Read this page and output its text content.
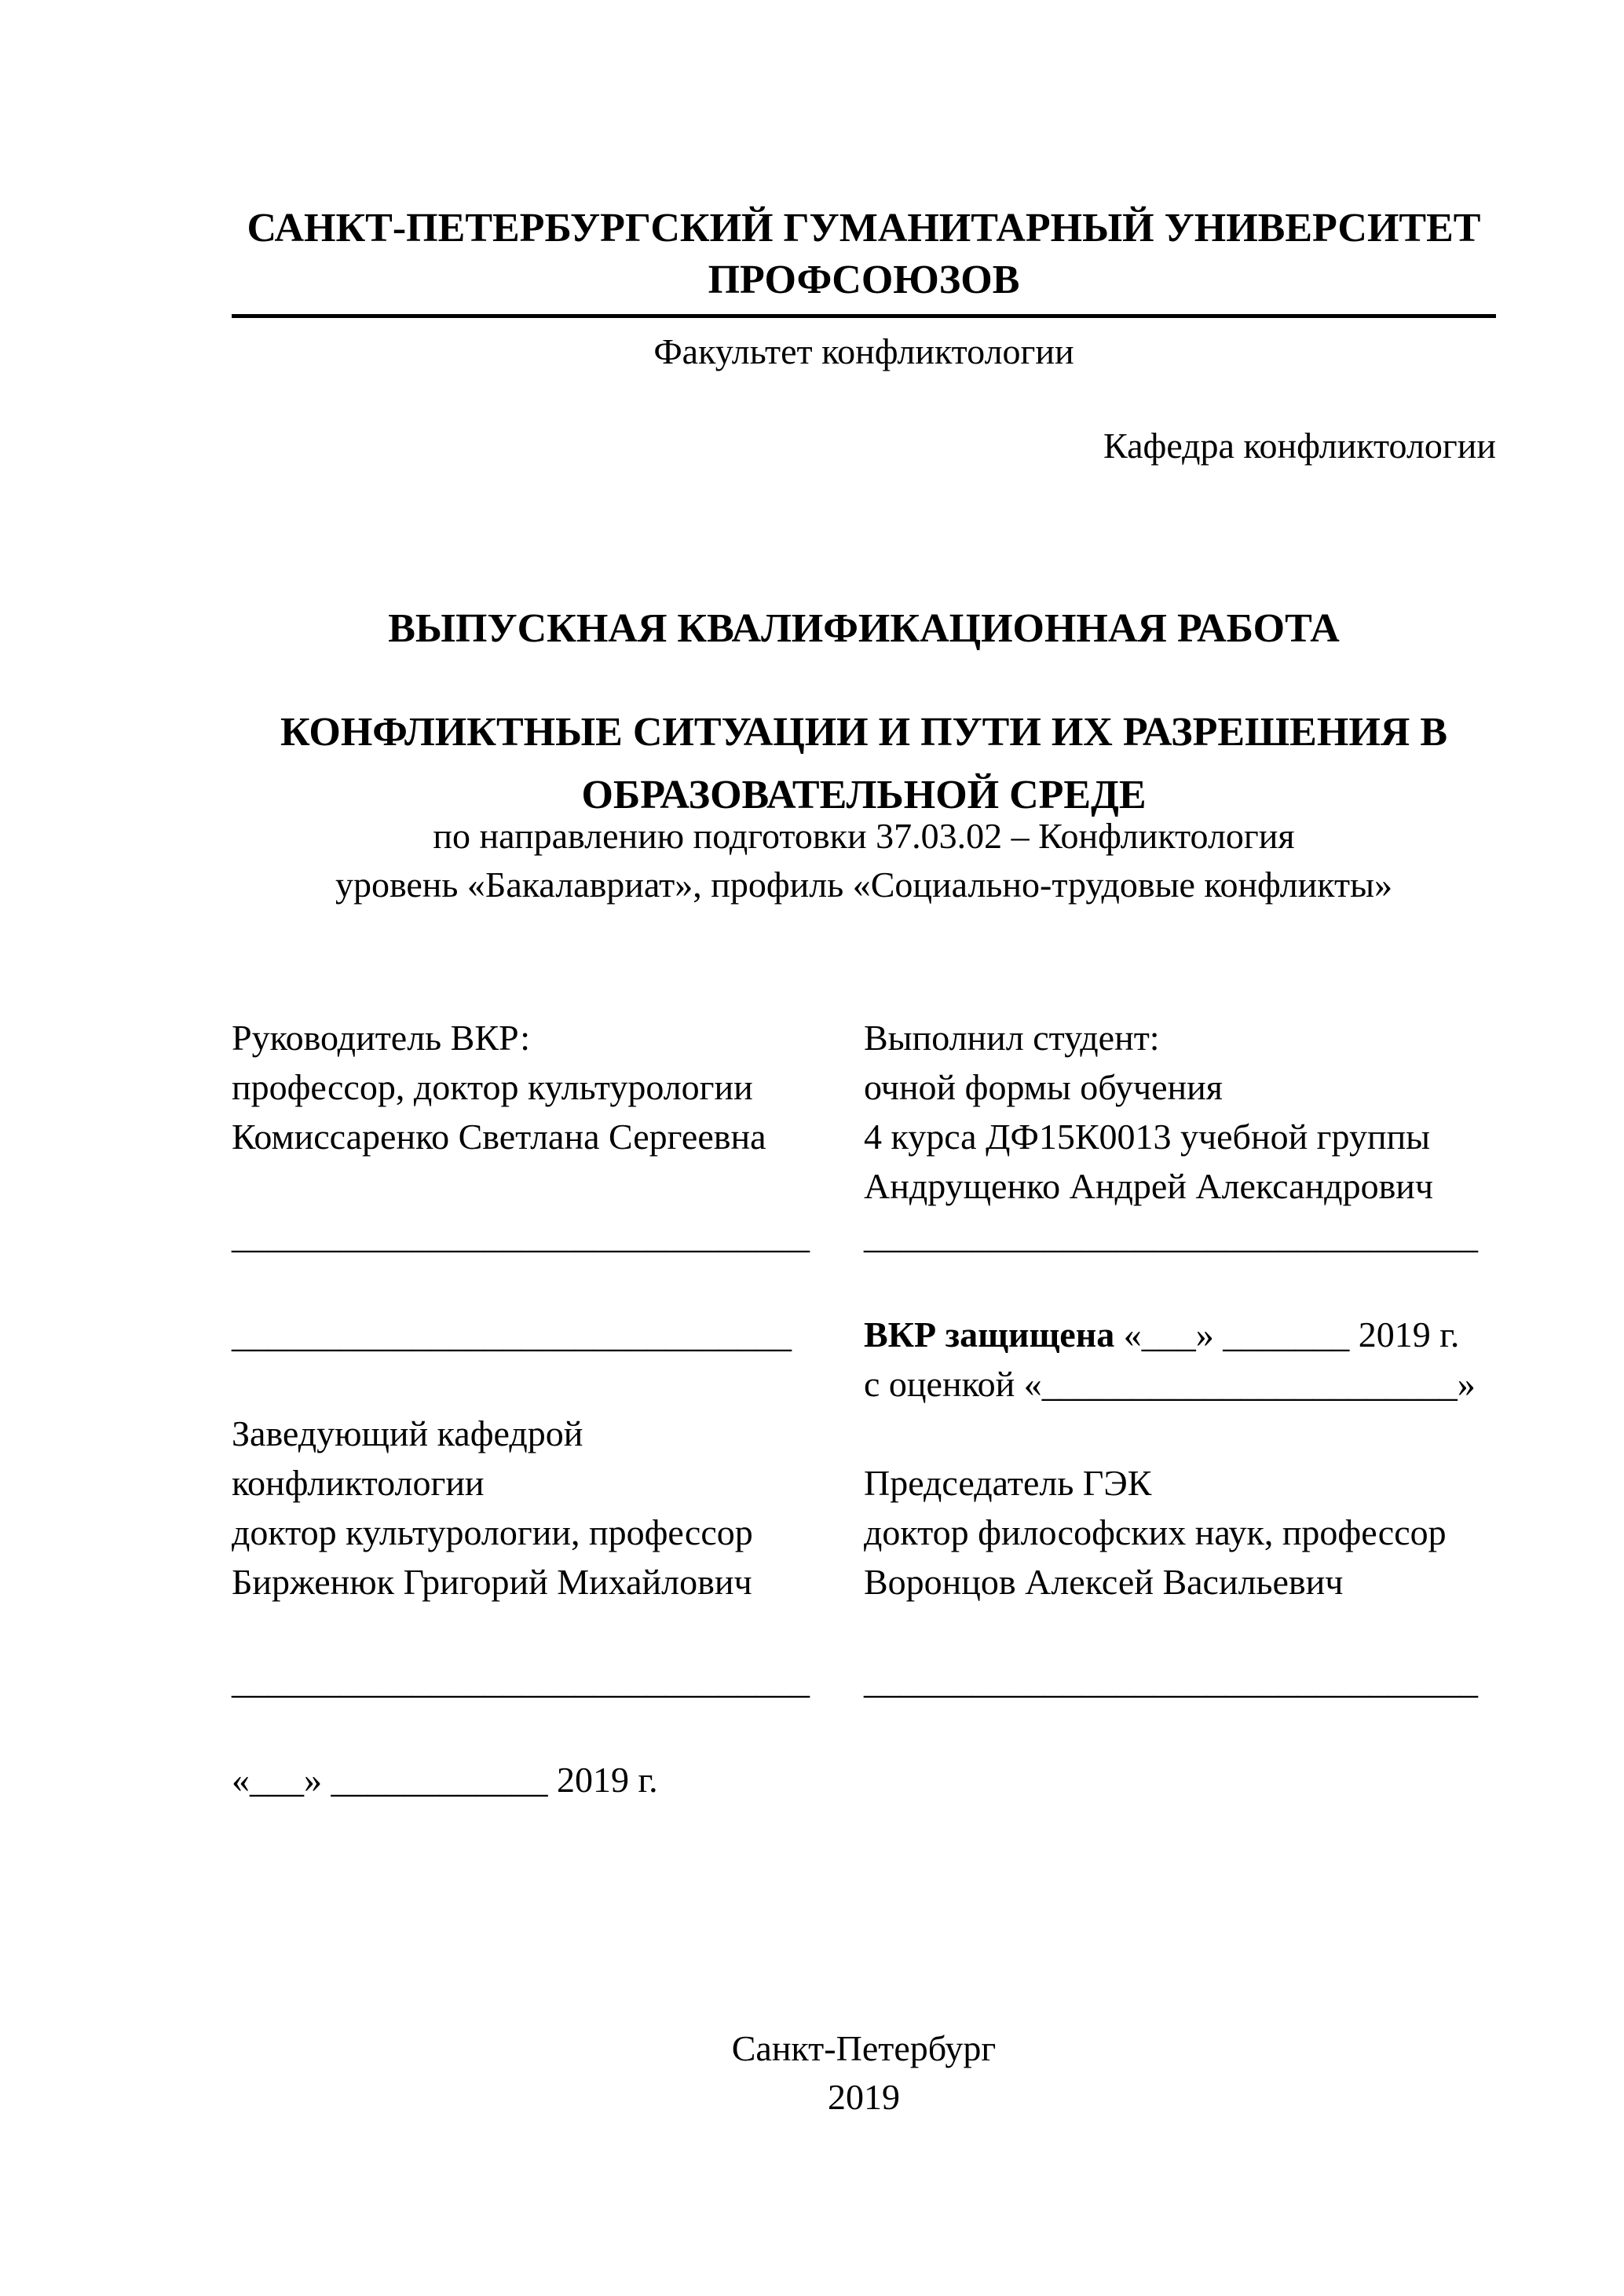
САНКТ-ПЕТЕРБУРГСКИЙ ГУМАНИТАРНЫЙ УНИВЕРСИТЕТ
ПРОФСОЮЗОВ
Факультет конфликтологии
Кафедра конфликтологии
ВЫПУСКНАЯ КВАЛИФИКАЦИОННАЯ РАБОТА
КОНФЛИКТНЫЕ СИТУАЦИИ И ПУТИ ИХ РАЗРЕШЕНИЯ В
ОБРАЗОВАТЕЛЬНОЙ СРЕДЕ
по направлению подготовки 37.03.02 – Конфликтология
уровень «Бакалавриат», профиль «Социально-трудовые конфликты»
Руководитель ВКР:
профессор, доктор культурологии
Комиссаренко Светлана Сергеевна
________________________________
_______________________________
Заведующий кафедрой
конфликтологии
доктор культурологии, профессор
Бирженюк Григорий Михайлович
________________________________
«___» ____________ 2019 г.
Выполнил студент:
очной формы обучения
4 курса ДФ15К0013 учебной группы
Андрущенко Андрей Александрович
__________________________________
ВКР защищена «___» _______ 2019 г.
с оценкой «_______________________»
Председатель ГЭК
доктор философских наук, профессор
Воронцов Алексей Васильевич
__________________________________
Санкт-Петербург
2019
